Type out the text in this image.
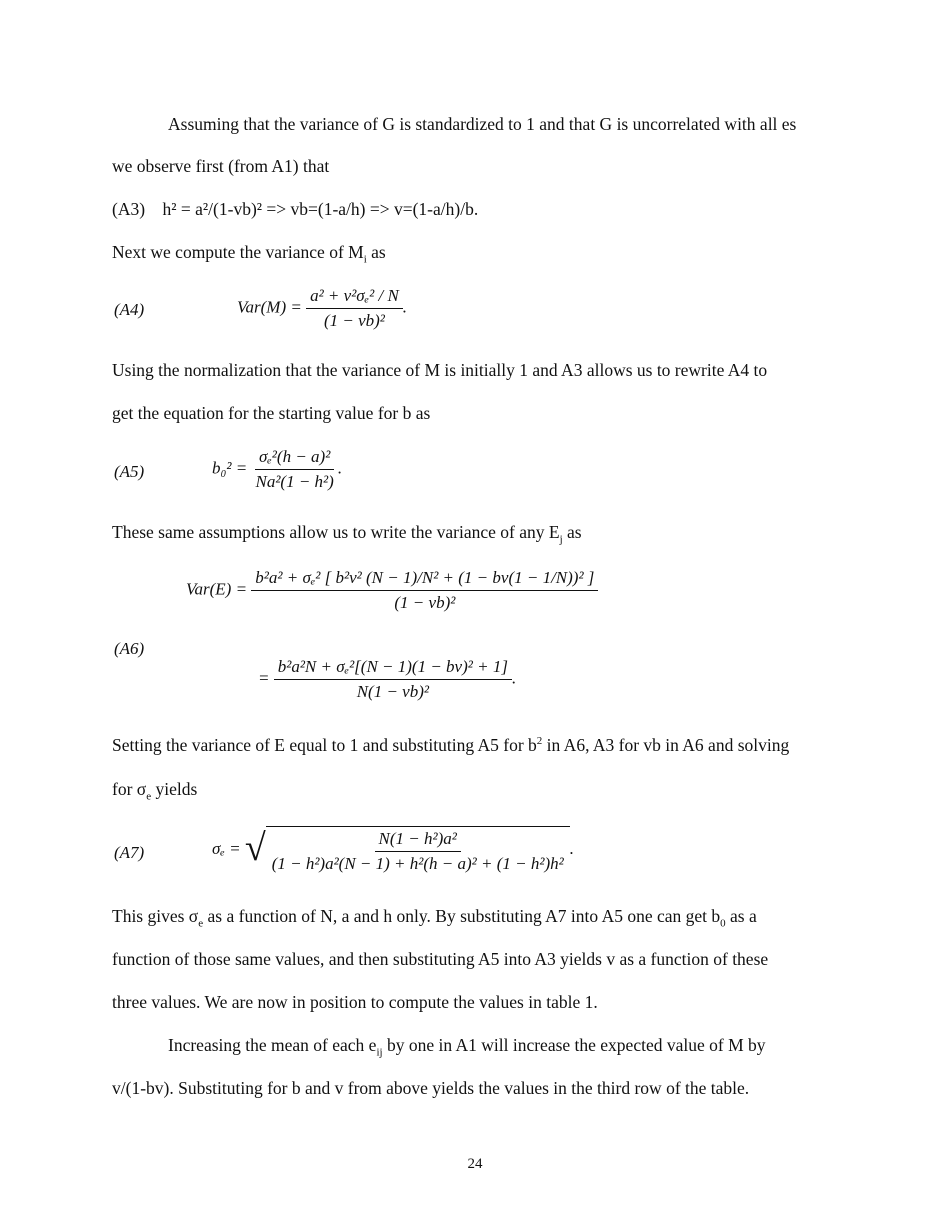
Assuming that the variance of G is standardized to 1 and that G is uncorrelated with all es
we observe first (from A1) that
(A3) h² = a²/(1-vb)² => vb=(1-a/h) => v=(1-a/h)/b.
Next we compute the variance of $M_i$ as
(A4)	$Var(M) = \frac{\text{a² + v²σₑ² / N}}{\text{(1 − vb)²}}$ .
Using the normalization that the variance of M is initially 1 and A3 allows us to rewrite A4 to
get the equation for the starting value for b as
(A5)	$b_0^2 = \frac{\text{σₑ²(h − a)²}}{\text{Na²(1 − h²)}}$ .
These same assumptions allow us to write the variance of any $E_j$ as
(A6)
$Var(E) = \frac{\text{b²a² + σₑ² [ b²v² (N − 1)/N² + (1 − bv(1 − 1/N))² ]}}{\text{(1 − vb)²}}$
= $\frac{\text{b²a²N + σₑ²[(N − 1)(1 − bv)² + 1]}}{\text{N(1 − vb)²}}$ .
Setting the variance of E equal to 1 and substituting A5 for $b^2$ in A6, A3 for vb in A6 and solving
for $\sigma_e$ yields
(A7)	σₑ = √ $\frac{\text{N(1 − h²)a²}}{\text{(1 − h²)a²(N − 1) + h²(h − a)² + (1 − h²)h²}}$ .
This gives $\sigma_e$ as a function of N, a and h only. By substituting A7 into A5 one can get $b_0$ as a
function of those same values, and then substituting A5 into A3 yields v as a function of these
three values. We are now in position to compute the values in table 1.
Increasing the mean of each $e_{ij}$ by one in A1 will increase the expected value of M by
v/(1-bv). Substituting for b and v from above yields the values in the third row of the table.
24
